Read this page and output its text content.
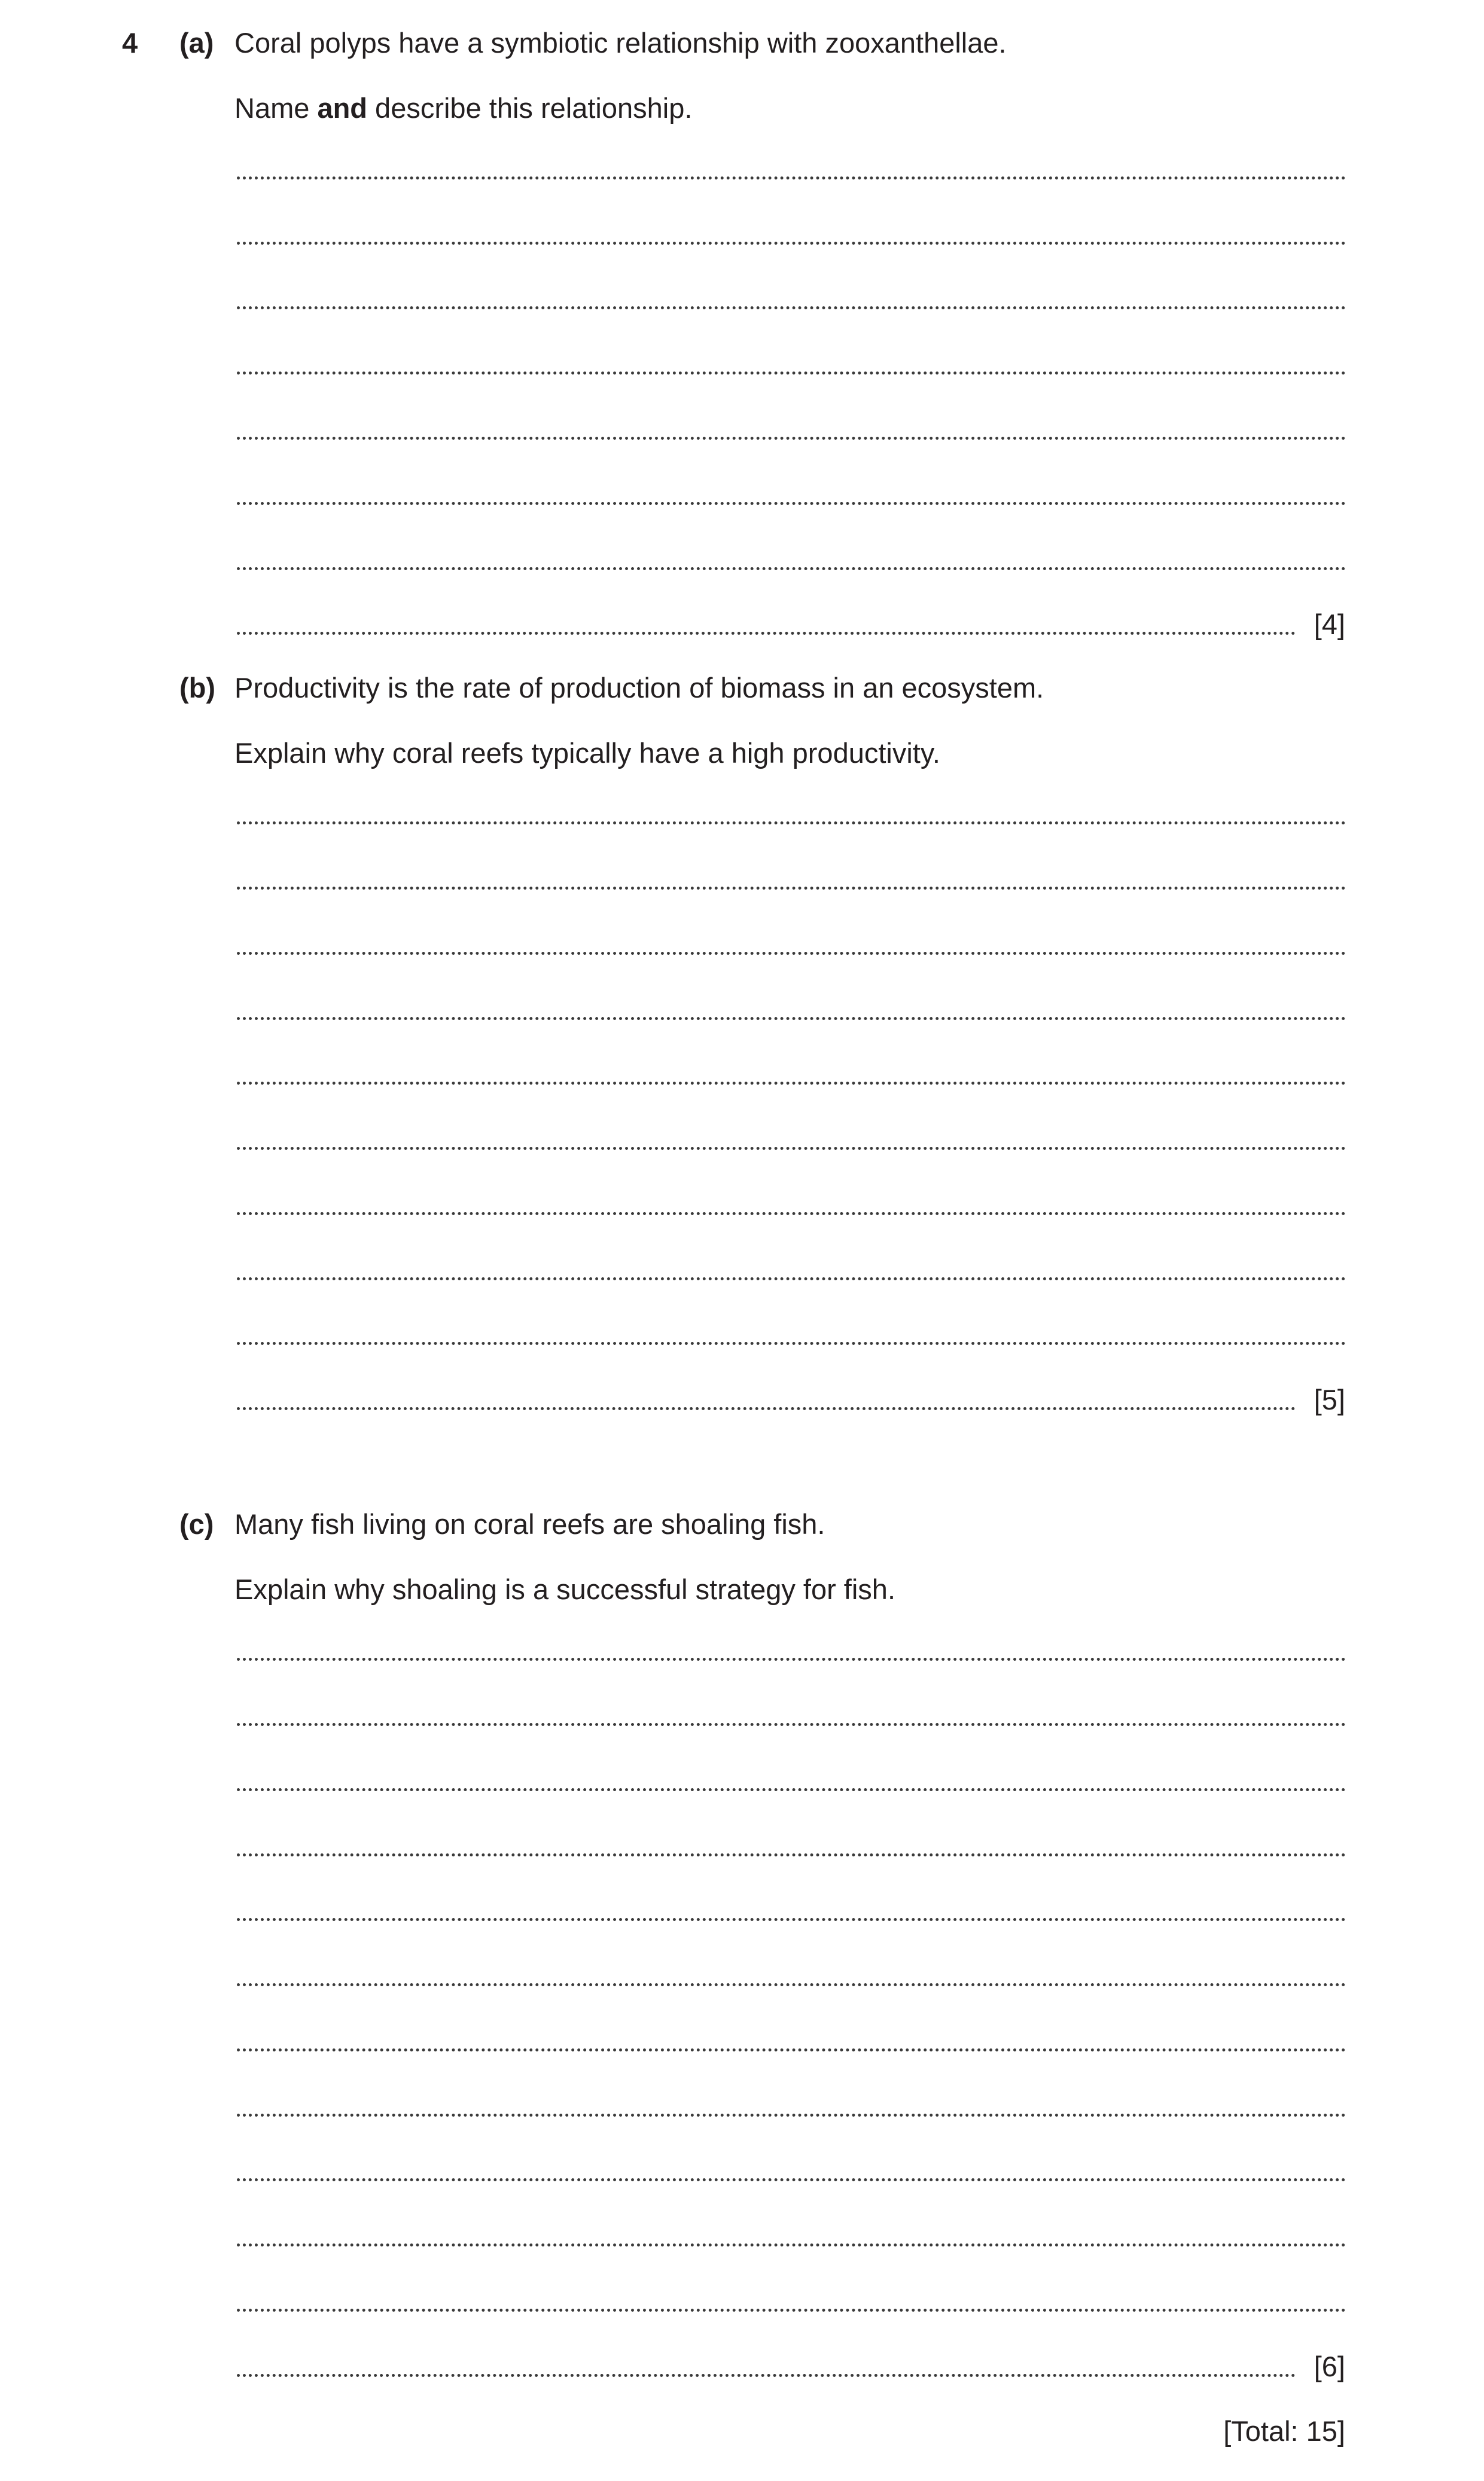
4 (a) Coral polyps have a symbiotic relationship with zooxanthellae.
Name and describe this relationship.
[4]
(b) Productivity is the rate of production of biomass in an ecosystem.
Explain why coral reefs typically have a high productivity.
[5]
(c) Many fish living on coral reefs are shoaling fish.
Explain why shoaling is a successful strategy for fish.
[6]
[Total: 15]
